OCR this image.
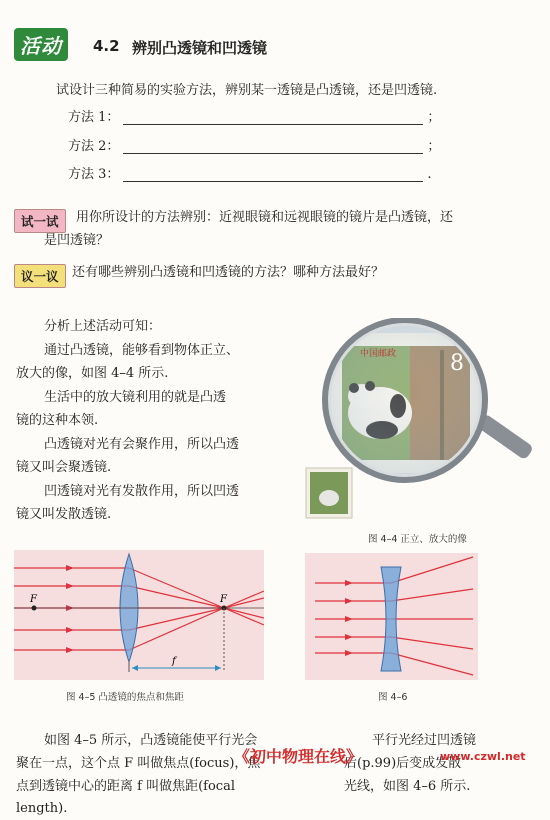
活动	4.2 辨别凸透镜和凹透镜
试设计三种简易的实验方法，辨别某一透镜是凸透镜，还是凹透镜.
方法 1：	；
方法 2：	；
方法 3：	.
试一试	用你所设计的方法辨别：近视眼镜和远视眼镜的镜片是凸透镜，还
是凹透镜？
议一议	还有哪些辨别凸透镜和凹透镜的方法？哪种方法最好？
分析上述活动可知：
通过凸透镜，能够看到物体正立、
放大的像，如图 4–4 所示.
生活中的放大镜利用的就是凸透
镜的这种本领.
凸透镜对光有会聚作用，所以凸透
镜又叫会聚透镜.
凹透镜对光有发散作用，所以凹透
镜又叫发散透镜.
中国邮政 8
图 4–4 正立、放大的像
F	F
f
图 4–5 凸透镜的焦点和焦距	图 4–6
如图 4–5 所示，凸透镜能使平行光会
聚在一点，这个点 F 叫做焦点(focus)，焦
点到透镜中心的距离 f 叫做焦距(focal
length).
平行光经过凹透镜
后(p.99)后变成发散
光线，如图 4–6 所示.
《初中物理在线》	www.czwl.net
